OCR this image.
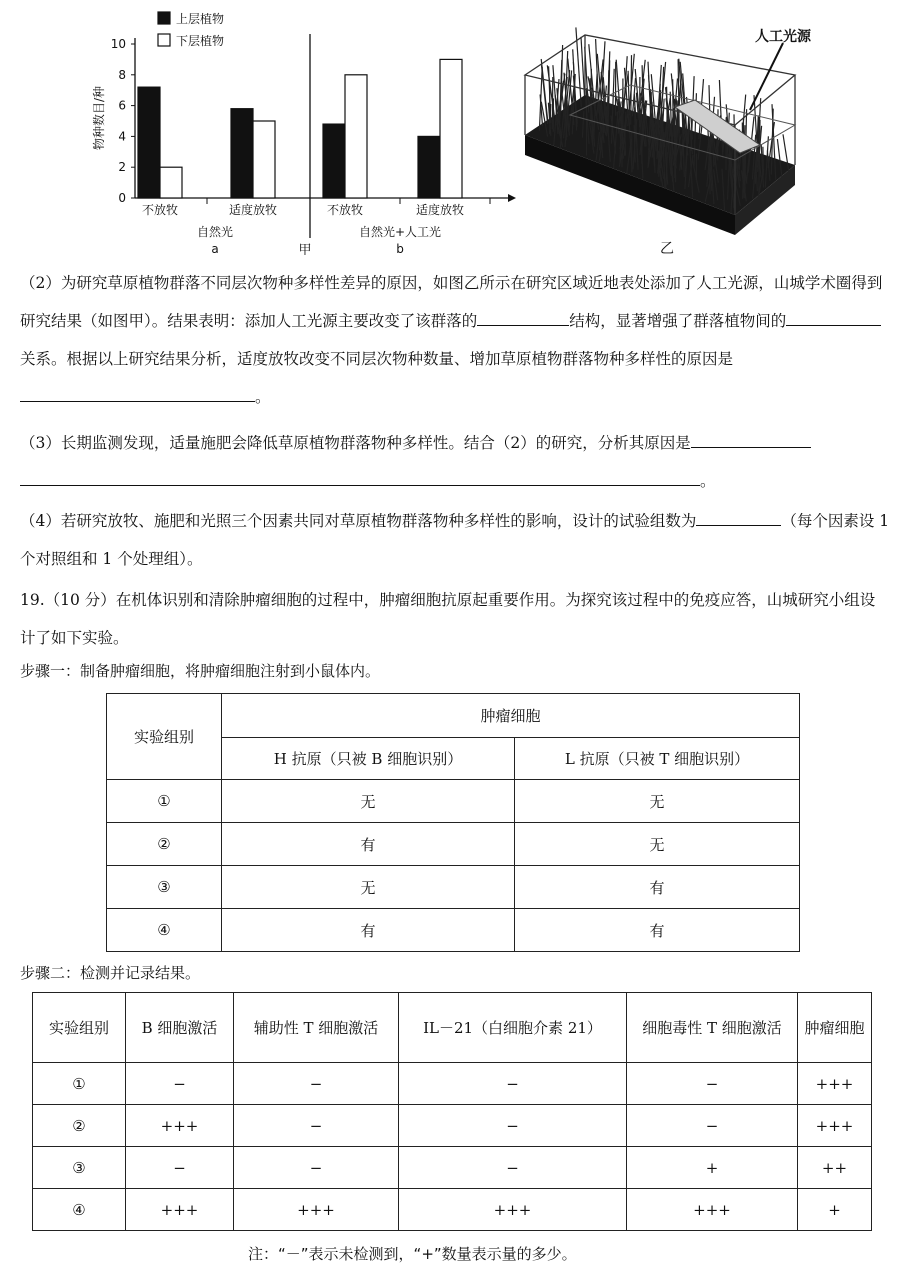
0
2
4
6
8
10
物种数目/种
不放牧	适度放牧	不放牧	适度放牧
自然光
a
自然光+人工光
b
甲
上层植物
下层植物	人工光源
乙
（2）为研究草原植物群落不同层次物种多样性差异的原因，如图乙所示在研究区域近地表处添加了人工光源，山城学术圈得到研究结果（如图甲）。结果表明：添加人工光源主要改变了该群落的	结构，显著增强了群落植物间的关系。根据以上研究结果分析，适度放牧改变不同层次物种数量、增加草原植物群落物种多样性的原因是。
（3）长期监测发现，适量施肥会降低草原植物群落物种多样性。结合（2）的研究，分析其原因是
。
（4）若研究放牧、施肥和光照三个因素共同对草原植物群落物种多样性的影响，设计的试验组数为	（每个因素设 1 个对照组和 1 个处理组）。
19.（10 分）在机体识别和清除肿瘤细胞的过程中，肿瘤细胞抗原起重要作用。为探究该过程中的免疫应答，山城研究小组设计了如下实验。
步骤一：制备肿瘤细胞，将肿瘤细胞注射到小鼠体内。
实验组别	肿瘤细胞	
	H 抗原（只被 B 细胞识别）	L 抗原（只被 T 细胞识别）
①	无	无
②	有	无
③	无	有
④	有	有
步骤二：检测并记录结果。
实验组别	B 细胞激活	辅助性 T 细胞激活	IL－21（白细胞介素 21）	细胞毒性 T 细胞激活	肿瘤细胞
①	−	−	−	−	+++
②	+++	−	−	−	+++
③	−	−	−	+	++
④	+++	+++	+++	+++	+
注：“－”表示未检测到，“+”数量表示量的多少。
